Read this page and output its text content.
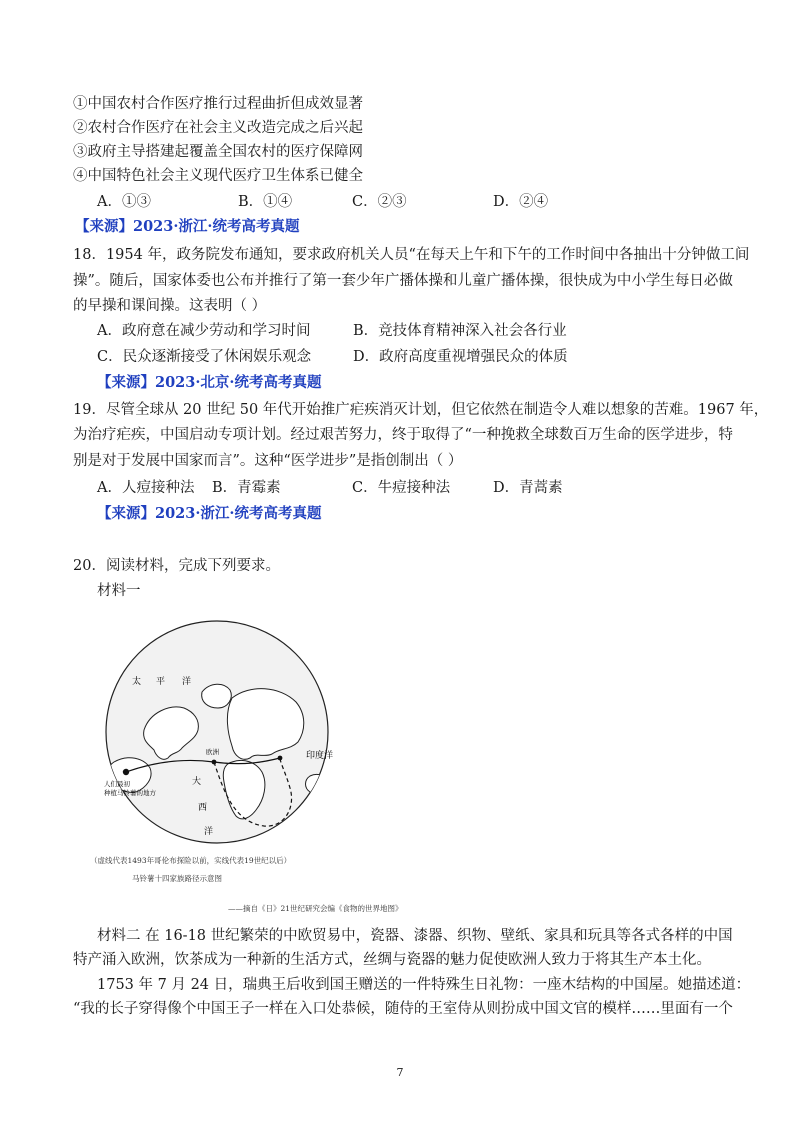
①中国农村合作医疗推行过程曲折但成效显著
②农村合作医疗在社会主义改造完成之后兴起
③政府主导搭建起覆盖全国农村的医疗保障网
④中国特色社会主义现代医疗卫生体系已健全
A．①③	B．①④	C．②③	D．②④
【来源】2023·浙江·统考高考真题
18．1954 年，政务院发布通知，要求政府机关人员“在每天上午和下午的工作时间中各抽出十分钟做工间
操”。随后，国家体委也公布并推行了第一套少年广播体操和儿童广播体操，很快成为中小学生每日必做
的早操和课间操。这表明（ ）
A．政府意在减少劳动和学习时间	B．竞技体育精神深入社会各行业
C．民众逐渐接受了休闲娱乐观念	D．政府高度重视增强民众的体质
【来源】2023·北京·统考高考真题
19．尽管全球从 20 世纪 50 年代开始推广疟疾消灭计划，但它依然在制造令人难以想象的苦难。1967 年，
为治疗疟疾，中国启动专项计划。经过艰苦努力，终于取得了“一种挽救全球数百万生命的医学进步，特
别是对于发展中国家而言”。这种“医学进步”是指创制出（ ）
A．人痘接种法 B．青霉素	C．牛痘接种法	D．青蒿素
【来源】2023·浙江·统考高考真题
20．阅读材料，完成下列要求。
材料一
太 平 洋
印度洋
大
西
洋
人们最初
种植马铃薯的地方
欧洲
（虚线代表1493年哥伦布探险以前，实线代表19世纪以后）
马铃薯十四家族路径示意图
——摘自《日》21世纪研究会编《食物的世界地图》
材料二 在 16-18 世纪繁荣的中欧贸易中，瓷器、漆器、织物、壁纸、家具和玩具等各式各样的中国
特产涌入欧洲，饮茶成为一种新的生活方式，丝绸与瓷器的魅力促使欧洲人致力于将其生产本土化。
1753 年 7 月 24 日，瑞典王后收到国王赠送的一件特殊生日礼物：一座木结构的中国屋。她描述道：
“我的长子穿得像个中国王子一样在入口处恭候，随侍的王室侍从则扮成中国文官的模样……里面有一个
7
